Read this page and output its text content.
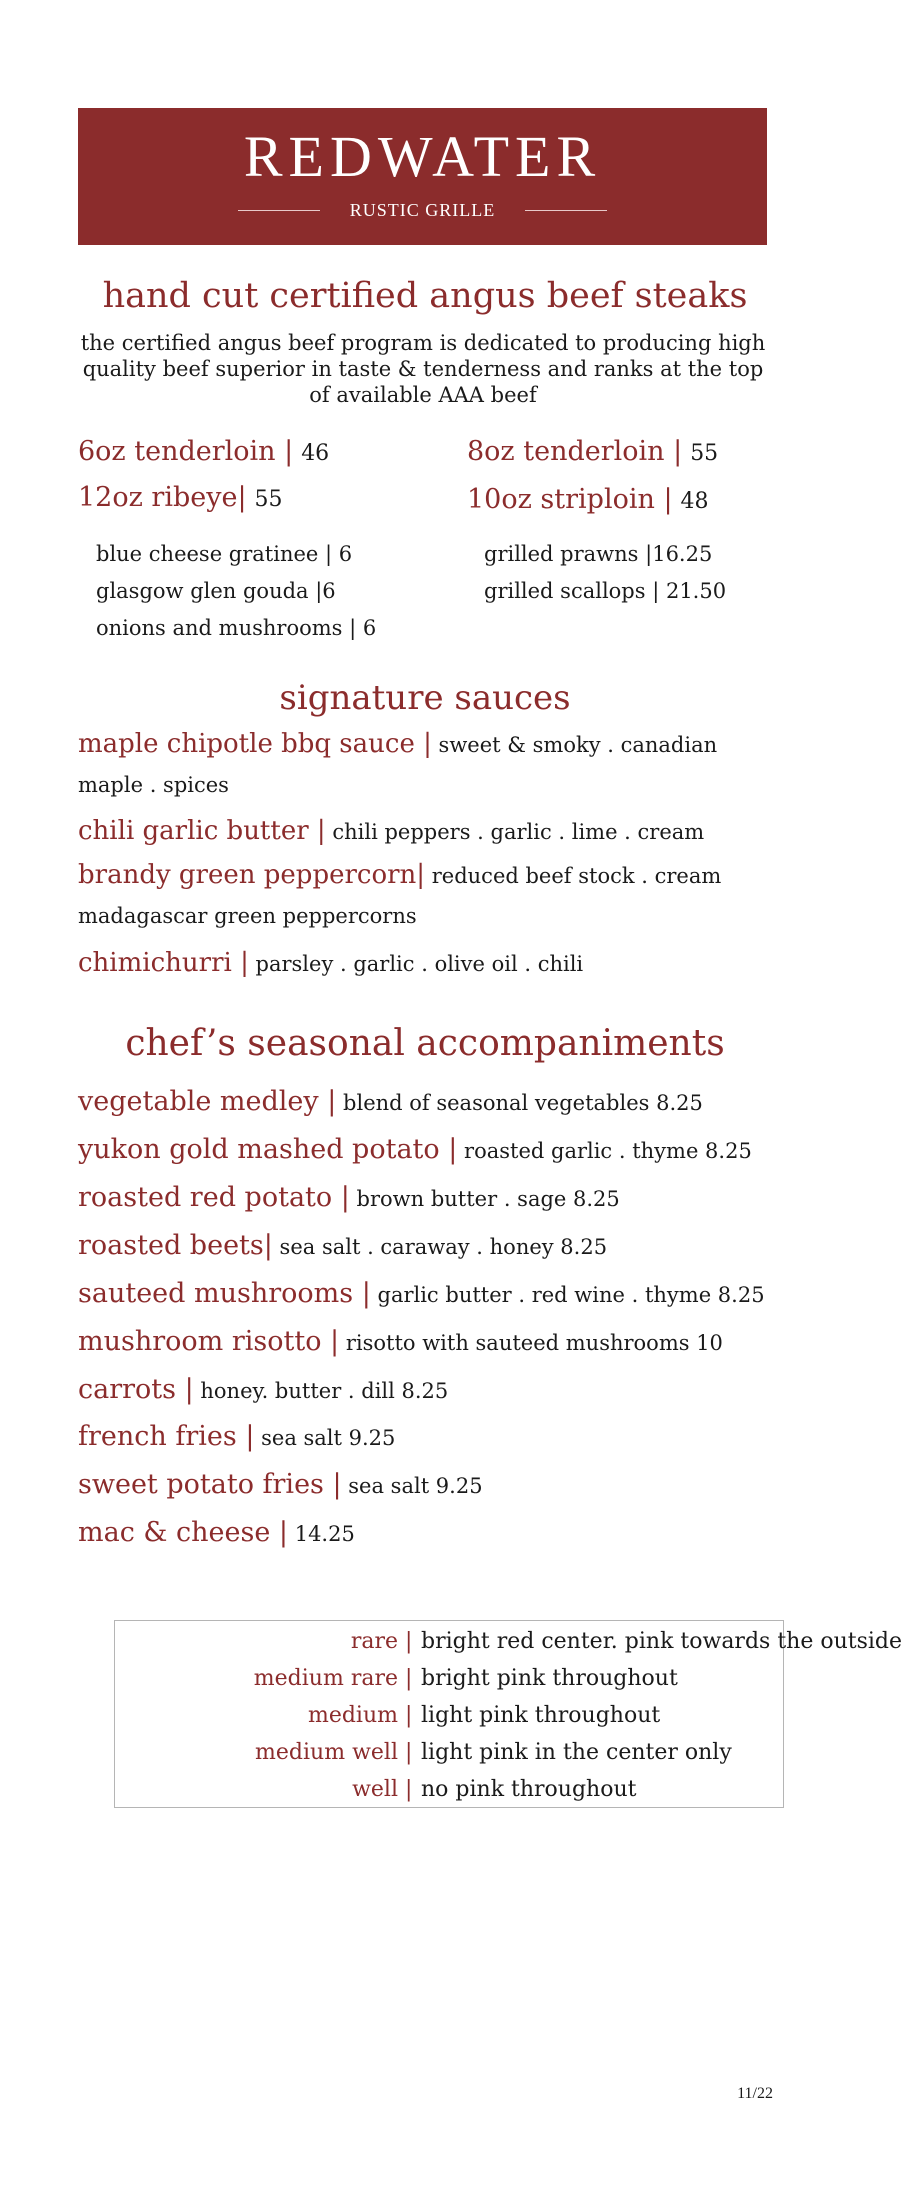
REDWATER
RUSTIC GRILLE
hand cut certified angus beef steaks
the certified angus beef program is dedicated to producing high quality beef superior in taste & tenderness and ranks at the top of available AAA beef
6oz tenderloin | 46	8oz tenderloin | 55
12oz ribeye| 55	10oz striploin | 48
blue cheese gratinee | 6
glasgow glen gouda |6
onions and mushrooms | 6
grilled prawns |16.25
grilled scallops | 21.50
signature sauces
maple chipotle bbq sauce | sweet & smoky . canadian maple . spices
chili garlic butter | chili peppers . garlic . lime . cream
brandy green peppercorn| reduced beef stock . cream madagascar green peppercorns
chimichurri | parsley . garlic . olive oil . chili
chef’s seasonal accompaniments
vegetable medley | blend of seasonal vegetables 8.25
yukon gold mashed potato | roasted garlic . thyme 8.25
roasted red potato | brown butter . sage 8.25
roasted beets| sea salt . caraway . honey 8.25
sauteed mushrooms | garlic butter . red wine . thyme 8.25
mushroom risotto | risotto with sauteed mushrooms 10
carrots | honey. butter . dill 8.25
french fries | sea salt 9.25
sweet potato fries | sea salt 9.25
mac & cheese | 14.25
rare | bright red center. pink towards the outside
medium rare | bright pink throughout
medium | light pink throughout
medium well | light pink in the center only
well | no pink throughout
11/22
